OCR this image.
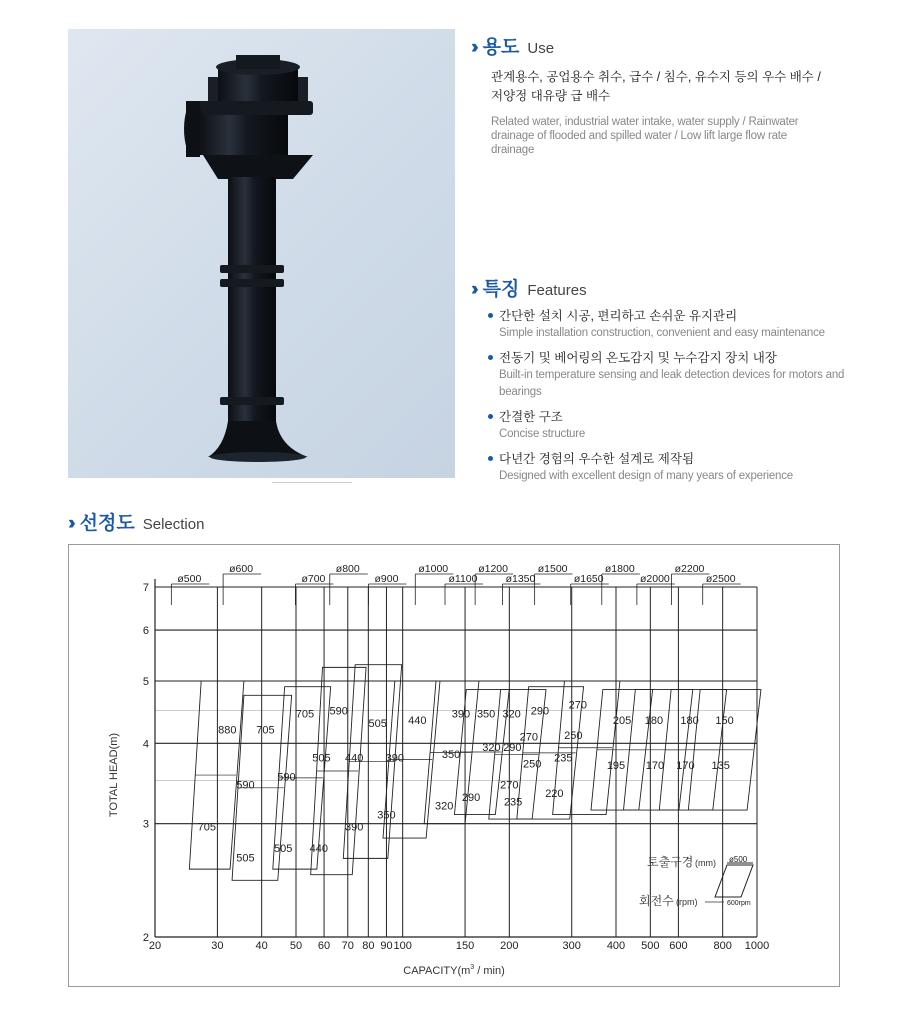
›› 용도 Use
관계용수, 공업용수 취수, 급수 / 침수, 유수지 등의 우수 배수 / 저양정 대유량 급 배수
Related water, industrial water intake, water supply / Rainwater drainage of flooded and spilled water / Low lift large flow rate drainage
›› 특징 Features
간단한 설치 시공, 편리하고 손쉬운 유지관리
Simple installation construction, convenient and easy maintenance
전동기 및 베어링의 온도감지 및 누수감지 장치 내장
Built-in temperature sensing and leak detection devices for motors and bearings
간결한 구조
Concise structure
다년간 경험의 우수한 설계로 제작됨
Designed with excellent design of many years of experience
›› 선정도 Selection
2
3
4
5
6
7
20	30	40 50 60 70 80 90 100	150 200	300 400 500 600 800 1000
ø500
ø600
ø700
ø800
ø900
ø1000
ø1100
ø1200
ø1350
ø1500
ø1650
ø1800
ø2000
ø2200
ø2500
880 705
705 590
505 440
390 350 320 290
270
205 180 180 150
590
590
505 440 390	350
320 290
270 250
250 235
195 170 170 135
270
220
290
320	235
350
390
705
505
505 440
토출구경 (mm)
회전수 (rpm)
ø500
600rpm
TOTAL HEAD(m)
$CAPACITY(m^3 / \min)$
